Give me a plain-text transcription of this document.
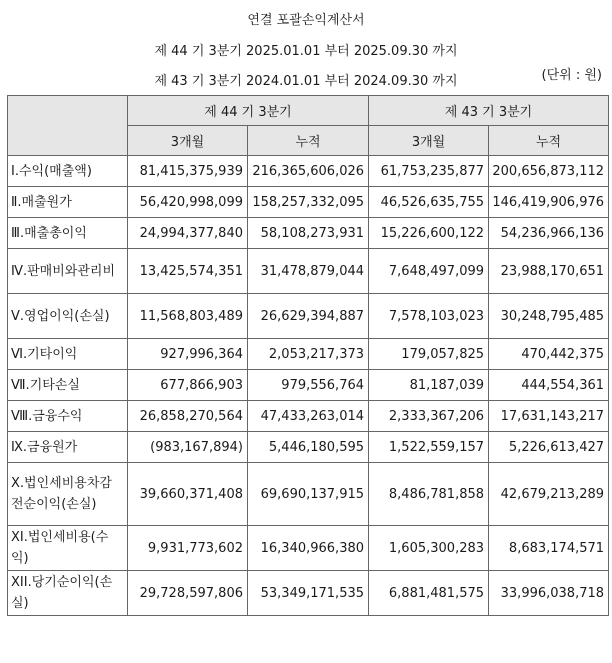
연결 포괄손익계산서
제 44 기 3분기 2025.01.01 부터 2025.09.30 까지
제 43 기 3분기 2024.01.01 부터 2024.09.30 까지	(단위 : 원)
	제 44 기 3분기		제 43 기 3분기	
	3개월	누적	3개월	누적
Ⅰ.수익(매출액)	81,415,375,939	216,365,606,026	61,753,235,877	200,656,873,112
Ⅱ.매출원가	56,420,998,099	158,257,332,095	46,526,635,755	146,419,906,976
Ⅲ.매출총이익	24,994,377,840	58,108,273,931	15,226,600,122	54,236,966,136
Ⅳ.판매비와관리비	13,425,574,351	31,478,879,044	7,648,497,099	23,988,170,651
Ⅴ.영업이익(손실)	11,568,803,489	26,629,394,887	7,578,103,023	30,248,795,485
Ⅵ.기타이익	927,996,364	2,053,217,373	179,057,825	470,442,375
Ⅶ.기타손실	677,866,903	979,556,764	81,187,039	444,554,361
Ⅷ.금융수익	26,858,270,564	47,433,263,014	2,333,367,206	17,631,143,217
Ⅸ.금융원가	(983,167,894)	5,446,180,595	1,522,559,157	5,226,613,427
Ⅹ.법인세비용차감전순이익(손실)	39,660,371,408	69,690,137,915	8,486,781,858	42,679,213,289
XI.법인세비용(수익)	9,931,773,602	16,340,966,380	1,605,300,283	8,683,174,571
ⅩII.당기순이익(손실)	29,728,597,806	53,349,171,535	6,881,481,575	33,996,038,718
